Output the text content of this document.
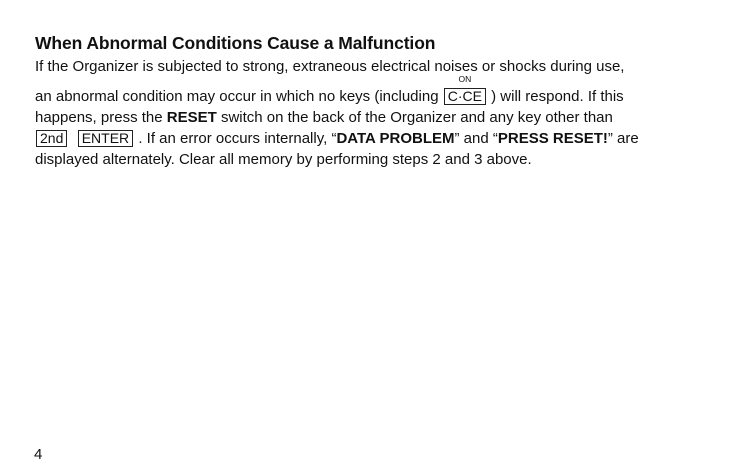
When Abnormal Conditions Cause a Malfunction
If the Organizer is subjected to strong, extraneous electrical noises or shocks during use,
an abnormal condition may occur in which no keys (including
ON
C·CE ) will respond. If this
happens, press the RESET switch on the back of the Organizer and any key other than
2nd ENTER . If an error occurs internally, “DATA PROBLEM” and “PRESS RESET!” are
displayed alternately. Clear all memory by performing steps 2 and 3 above.
4
